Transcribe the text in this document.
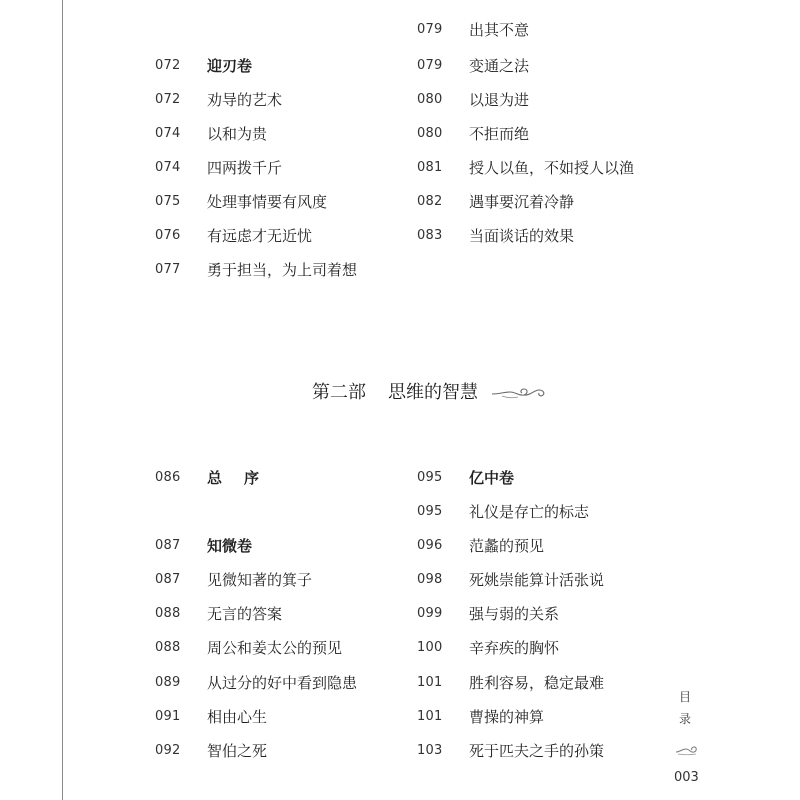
072 迎刃卷
072 劝导的艺术
074 以和为贵
074 四两拨千斤
075 处理事情要有风度
076 有远虑才无近忧
077 勇于担当，为上司着想
079 出其不意
079 变通之法
080 以退为进
080 不拒而绝
081 授人以鱼，不如授人以渔
082 遇事要沉着冷静
083 当面谈话的效果
第二部 思维的智慧
086 总序
087 知微卷
087 见微知著的箕子
088 无言的答案
088 周公和姜太公的预见
089 从过分的好中看到隐患
091 相由心生
092 智伯之死
095 亿中卷
095 礼仪是存亡的标志
096 范蠡的预见
098 死姚崇能算计活张说
099 强与弱的关系
100 辛弃疾的胸怀
101 胜利容易，稳定最难
101 曹操的神算
103 死于匹夫之手的孙策
目
录
003
